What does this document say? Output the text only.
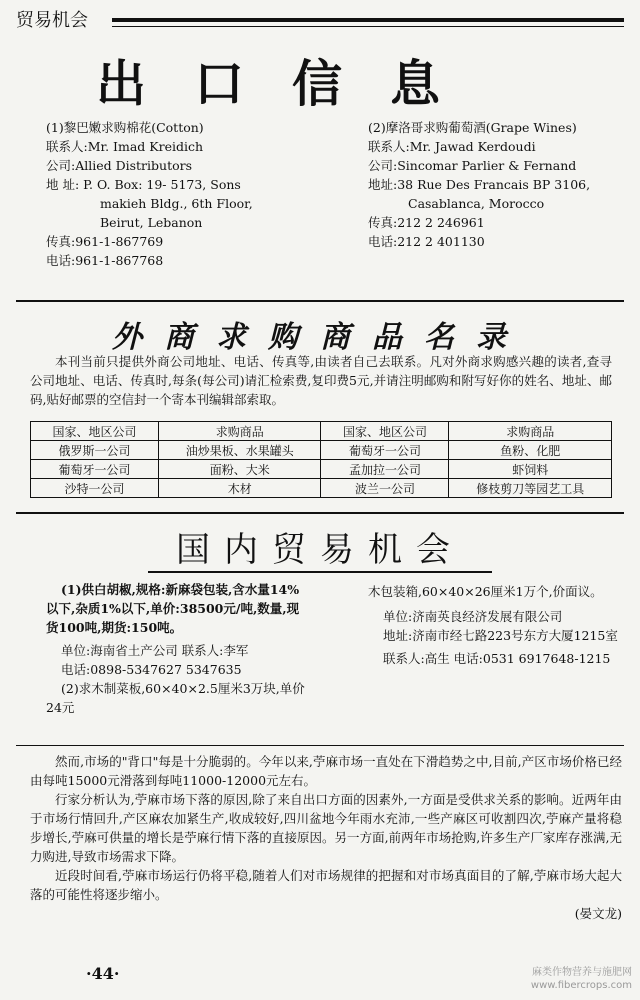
贸易机会
出口信息
(1)黎巴嫩求购棉花(Cotton)
联系人:Mr. Imad Kreidich
公司:Allied Distributors
地 址: P. O. Box: 19- 5173, Sons
makieh Bldg., 6th Floor,
Beirut, Lebanon
传真:961-1-867769
电话:961-1-867768
(2)摩洛哥求购葡萄酒(Grape Wines)
联系人:Mr. Jawad Kerdoudi
公司:Sincomar Parlier & Fernand
地址:38 Rue Des Francais BP 3106,
Casablanca, Morocco
传真:212 2 246961
电话:212 2 401130
外商求购商品名录
本刊当前只提供外商公司地址、电话、传真等,由读者自己去联系。凡对外商求购感兴趣的读者,查寻公司地址、电话、传真时,每条(每公司)请汇检索费,复印费5元,并请注明邮购和附写好你的姓名、地址、邮码,贴好邮票的空信封一个寄本刊编辑部索取。
国家、地区公司	求购商品	国家、地区公司	求购商品
俄罗斯一公司	油炒果板、水果罐头	葡萄牙一公司	鱼粉、化肥
葡萄牙一公司	面粉、大米	孟加拉一公司	虾饲料
沙特一公司	木材	波兰一公司	修枝剪刀等园艺工具
国内贸易机会
(1)供白胡椒,规格:新麻袋包装,含水量14%以下,杂质1%以下,单价:38500元/吨,数量,现货100吨,期货:150吨。
单位:海南省土产公司 联系人:李军
电话:0898-5347627 5347635
(2)求木制菜板,60×40×2.5厘米3万块,单价24元
木包装箱,60×40×26厘米1万个,价面议。
单位:济南英良经济发展有限公司
地址:济南市经七路223号东方大厦1215室
联系人:高生 电话:0531 6917648-1215
然而,市场的"背口"每是十分脆弱的。今年以来,苧麻市场一直处在下滑趋势之中,目前,产区市场价格已经由每吨15000元滑落到每吨11000-12000元左右。
行家分析认为,苧麻市场下落的原因,除了来自出口方面的因素外,一方面是受供求关系的影响。近两年由于市场行情回升,产区麻农加紧生产,收成较好,四川盆地今年雨水充沛,一些产麻区可收割四次,苧麻产量将稳步增长,苧麻可供量的增长是苧麻行情下落的直接原因。另一方面,前两年市场抢购,许多生产厂家库存涨满,无力购进,导致市场需求下降。
近段时间看,苧麻市场运行仍将平稳,随着人们对市场规律的把握和对市场真面目的了解,苧麻市场大起大落的可能性将逐步缩小。
(晏文龙)
·44·	麻类作物营养与施肥网
www.fibercrops.com
